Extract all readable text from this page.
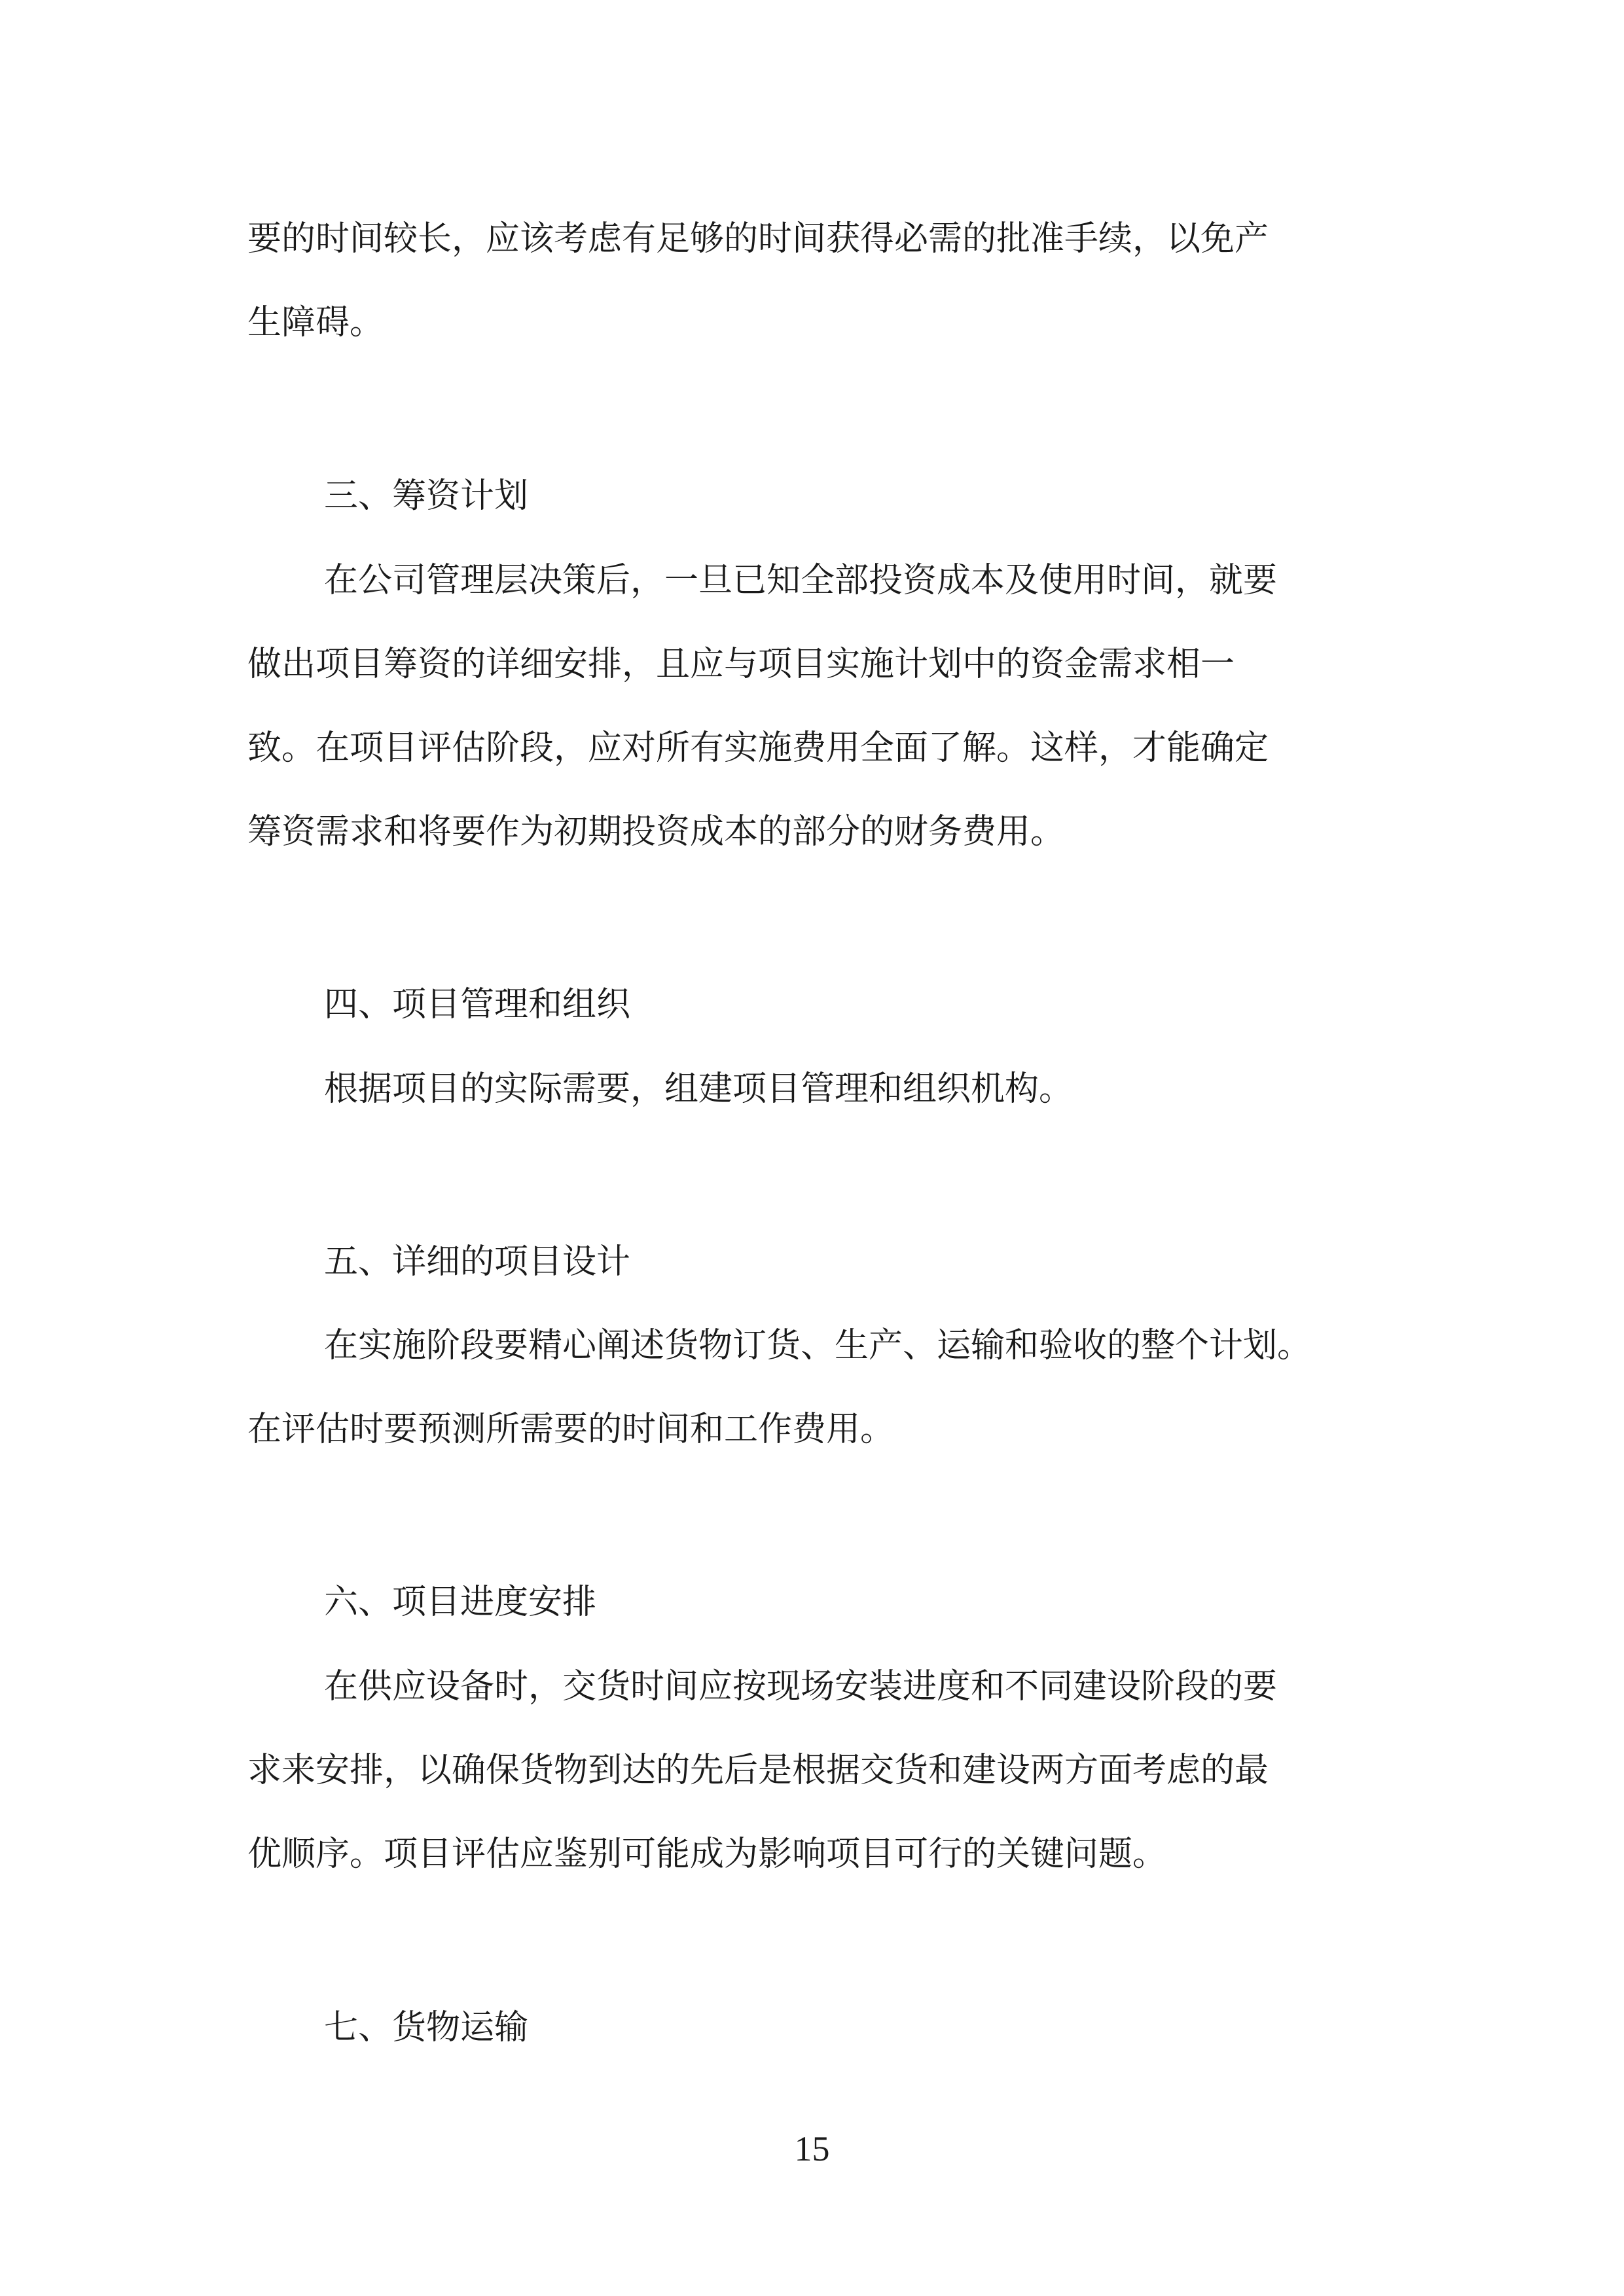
要的时间较长，应该考虑有足够的时间获得必需的批准手续，以免产

生障碍。

三、筹资计划

在公司管理层决策后，一旦已知全部投资成本及使用时间，就要

做出项目筹资的详细安排，且应与项目实施计划中的资金需求相一

致。在项目评估阶段，应对所有实施费用全面了解。这样，才能确定

筹资需求和将要作为初期投资成本的部分的财务费用。

四、项目管理和组织

根据项目的实际需要，组建项目管理和组织机构。

五、详细的项目设计

在实施阶段要精心阐述货物订货、生产、运输和验收的整个计划。

在评估时要预测所需要的时间和工作费用。

六、项目进度安排

在供应设备时，交货时间应按现场安装进度和不同建设阶段的要

求来安排，以确保货物到达的先后是根据交货和建设两方面考虑的最

优顺序。项目评估应鉴别可能成为影响项目可行的关键问题。

七、货物运输

15
